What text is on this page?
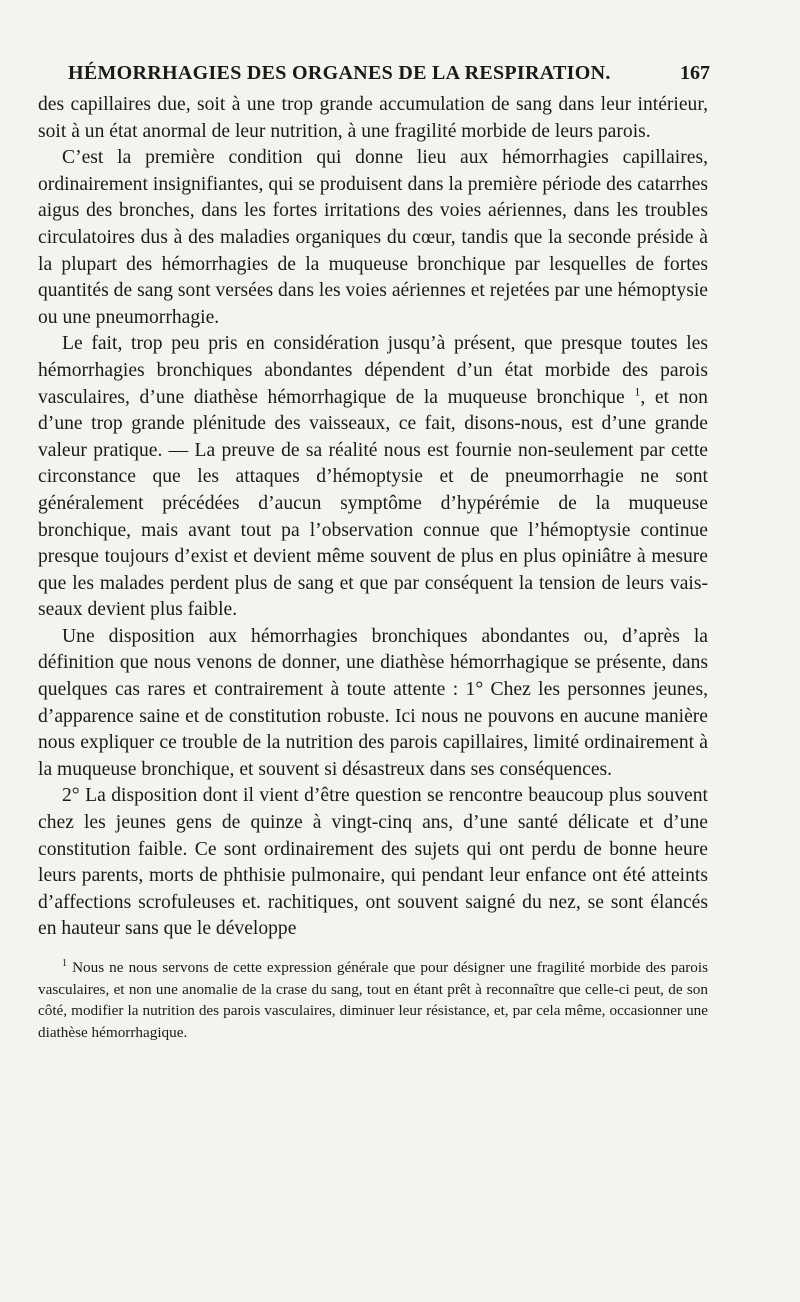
HÉMORRHAGIES DES ORGANES DE LA RESPIRATION.	167

des capillaires due, soit à une trop grande accumulation de sang dans leur intérieur, soit à un état anormal de leur nutrition, à une fragilité morbide de leurs parois.

C’est la première condition qui donne lieu aux hémorrhagies capillaires, ordinairement insignifiantes, qui se produisent dans la première période des catarrhes aigus des bronches, dans les fortes irritations des voies aériennes, dans les troubles circulatoires dus à des maladies organiques du cœur, tandis que la seconde préside à la plupart des hémorrhagies de la muqueuse bronchique par lesquelles de fortes quantités de sang sont versées dans les voies aériennes et rejetées par une hémoptysie ou une pneumorrhagie.

Le fait, trop peu pris en considération jusqu’à présent, que presque toutes les hémorrhagies bronchiques abondantes dépendent d’un état morbide des parois vasculaires, d’une diathèse hémorrhagique de la muqueuse bronchique $^1$, et non d’une trop grande plénitude des vaisseaux, ce fait, disons-nous, est d’une grande valeur pratique. — La preuve de sa réalité nous est fournie non-seulement par cette circonstance que les attaques d’hémoptysie et de pneumorrhagie ne sont généralement précédées d’aucun symptôme d’hypérémie de la muqueuse bronchique, mais avant tout pa l’observation connue que l’hémoptysie continue presque toujours d’exist et devient même souvent de plus en plus opiniâtre à mesure que les malades perdent plus de sang et que par conséquent la tension de leurs vaisseaux devient plus faible.

Une disposition aux hémorrhagies bronchiques abondantes ou, d’après la définition que nous venons de donner, une diathèse hémorrhagique se présente, dans quelques cas rares et contrairement à toute attente : 1° Chez les personnes jeunes, d’apparence saine et de constitution robuste. Ici nous ne pouvons en aucune manière nous expliquer ce trouble de la nutrition des parois capillaires, limité ordinairement à la muqueuse bronchique, et souvent si désastreux dans ses conséquences.

2° La disposition dont il vient d’être question se rencontre beaucoup plus souvent chez les jeunes gens de quinze à vingt-cinq ans, d’une santé délicate et d’une constitution faible. Ce sont ordinairement des sujets qui ont perdu de bonne heure leurs parents, morts de phthisie pulmonaire, qui pendant leur enfance ont été atteints d’affections scrofuleuses et. rachitiques, ont souvent saigné du nez, se sont élancés en hauteur sans que le développe

$^1$ Nous ne nous servons de cette expression générale que pour désigner une fragilité morbide des parois vasculaires, et non une anomalie de la crase du sang, tout en étant prêt à reconnaître que celle-ci peut, de son côté, modifier la nutrition des parois vasculaires, diminuer leur résistance, et, par cela même, occasionner une diathèse hémorrhagique.
